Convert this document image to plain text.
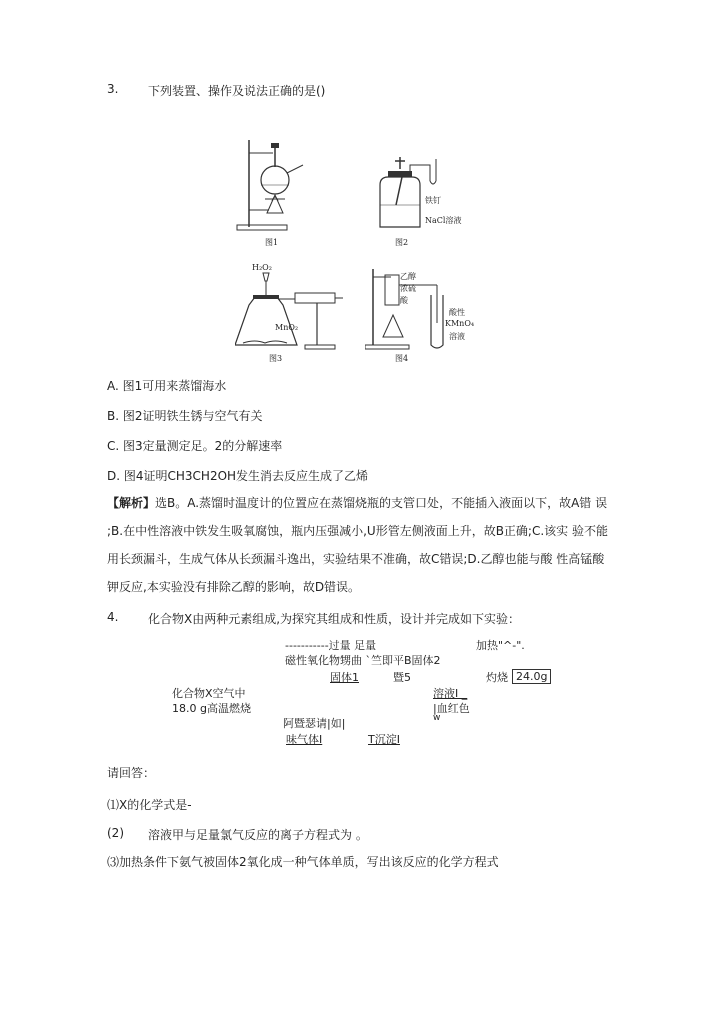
3. 下列装置、操作及说法正确的是()
图1
铁钉
NaCl溶液
图2
H₂O₂
MnO₂
图3
乙醇
浓硫
酸
酸性
KMnO₄
溶液
图4
A. 图1可用来蒸馏海水
B. 图2证明铁生锈与空气有关
C. 图3定量测定足。2的分解速率
D. 图4证明CH3CH2OH发生消去反应生成了乙烯
【解析】选B。A.蒸馏时温度计的位置应在蒸馏烧瓶的支管口处，不能插入液面以下，故A错 误
;B.在中性溶液中铁发生吸氧腐蚀，瓶内压强减小,U形管左侧液面上升，故B正确;C.该实 验不能
用长颈漏斗，生成气体从长颈漏斗逸出，实验结果不准确，故C错误;D.乙醇也能与酸 性高锰酸
钾反应,本实验没有排除乙醇的影响，故D错误。
4. 化合物X由两种元素组成,为探究其组成和性质，设计并完成如下实验：
-----------过量 足量	加热"^-".
磁性氧化物甥曲 `竺即平B固体2
固体1	暨5	灼烧 24.0g
化合物X空气中
18.0 g高温燃烧
溶液I _
|血红色
w
阿暨瑟请|如|
味气体I	T沉淀I
请回答：
⑴X的化学式是-
(2) 溶液甲与足量氯气反应的离子方程式为 。
⑶加热条件下氨气被固体2氧化成一种气体单质，写出该反应的化学方程式
